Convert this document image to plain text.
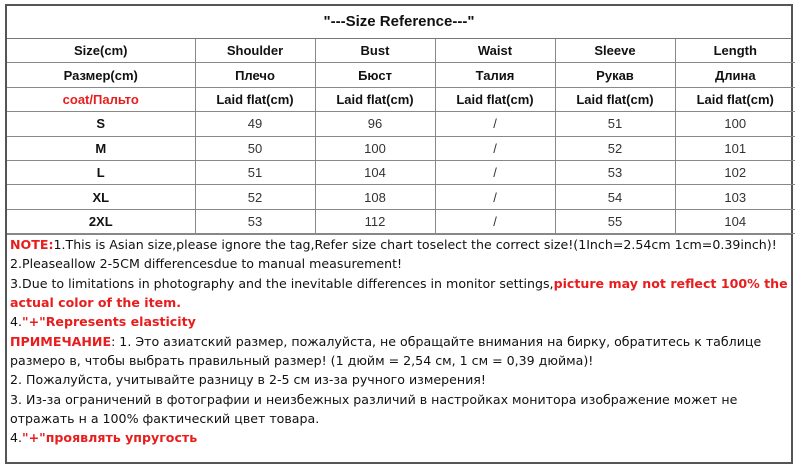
"---Size Reference---"
Size(cm)	Shoulder	Bust	Waist	Sleeve	Length
Размер(cm)	Плечо	Бюст	Талия	Рукав	Длина
coat/Пальто	Laid flat(cm)	Laid flat(cm)	Laid flat(cm)	Laid flat(cm)	Laid flat(cm)
S	49	96	/	51	100
M	50	100	/	52	101
L	51	104	/	53	102
XL	52	108	/	54	103
2XL	53	112	/	55	104
NOTE:1.This is Asian size,please ignore the tag,Refer size chart toselect the correct size!(1Inch=2.54cm 1cm=0.39inch)!
2.Pleaseallow 2-5CM differencesdue to manual measurement!
3.Due to limitations in photography and the inevitable differences in monitor settings,picture may not reflect 100% the actual color of the item.
4."+"Represents elasticity
ПРИМЕЧАНИЕ: 1. Это азиатский размер, пожалуйста, не обращайте внимания на бирку, обратитесь к таблице размеро в, чтобы выбрать правильный размер! (1 дюйм = 2,54 см, 1 см = 0,39 дюйма)!
2. Пожалуйста, учитывайте разницу в 2-5 см из-за ручного измерения!
3. Из-за ограничений в фотографии и неизбежных различий в настройках монитора изображение может не отражать н а 100% фактический цвет товара.
4."+"проявлять упругость
